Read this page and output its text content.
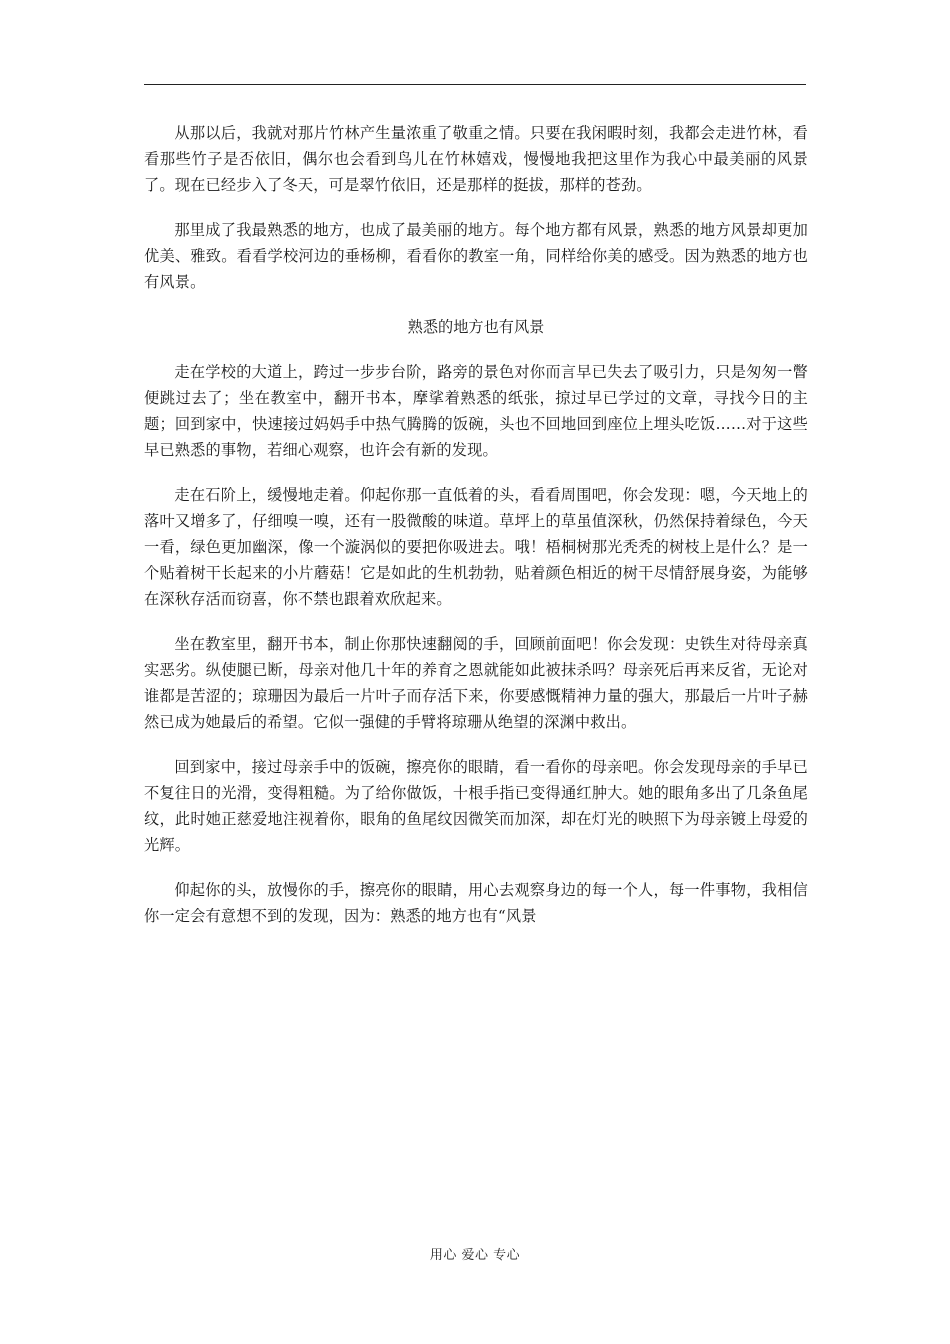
从那以后，我就对那片竹林产生量浓重了敬重之情。只要在我闲暇时刻，我都会走进竹林，看看那些竹子是否依旧，偶尔也会看到鸟儿在竹林嬉戏，慢慢地我把这里作为我心中最美丽的风景了。现在已经步入了冬天，可是翠竹依旧，还是那样的挺拔，那样的苍劲。

那里成了我最熟悉的地方，也成了最美丽的地方。每个地方都有风景，熟悉的地方风景却更加优美、雅致。看看学校河边的垂杨柳，看看你的教室一角，同样给你美的感受。因为熟悉的地方也有风景。

熟悉的地方也有风景

走在学校的大道上，跨过一步步台阶，路旁的景色对你而言早已失去了吸引力，只是匆匆一瞥便跳过去了；坐在教室中，翻开书本，摩挲着熟悉的纸张，掠过早已学过的文章，寻找今日的主题；回到家中，快速接过妈妈手中热气腾腾的饭碗，头也不回地回到座位上埋头吃饭……对于这些早已熟悉的事物，若细心观察，也许会有新的发现。

走在石阶上，缓慢地走着。仰起你那一直低着的头，看看周围吧，你会发现：嗯，今天地上的落叶又增多了，仔细嗅一嗅，还有一股微酸的味道。草坪上的草虽值深秋，仍然保持着绿色，今天一看，绿色更加幽深，像一个漩涡似的要把你吸进去。哦！梧桐树那光秃秃的树枝上是什么？是一个贴着树干长起来的小片蘑菇！它是如此的生机勃勃，贴着颜色相近的树干尽情舒展身姿，为能够在深秋存活而窃喜，你不禁也跟着欢欣起来。

坐在教室里，翻开书本，制止你那快速翻阅的手，回顾前面吧！你会发现：史铁生对待母亲真实恶劣。纵使腿已断，母亲对他几十年的养育之恩就能如此被抹杀吗？母亲死后再来反省，无论对谁都是苦涩的；琼珊因为最后一片叶子而存活下来，你要感慨精神力量的强大，那最后一片叶子赫然已成为她最后的希望。它似一强健的手臂将琼珊从绝望的深渊中救出。

回到家中，接过母亲手中的饭碗，擦亮你的眼睛，看一看你的母亲吧。你会发现母亲的手早已不复往日的光滑，变得粗糙。为了给你做饭，十根手指已变得通红肿大。她的眼角多出了几条鱼尾纹，此时她正慈爱地注视着你，眼角的鱼尾纹因微笑而加深，却在灯光的映照下为母亲镀上母爱的光辉。

仰起你的头，放慢你的手，擦亮你的眼睛，用心去观察身边的每一个人，每一件事物，我相信你一定会有意想不到的发现，因为：熟悉的地方也有“风景

用心 爱心 专心
